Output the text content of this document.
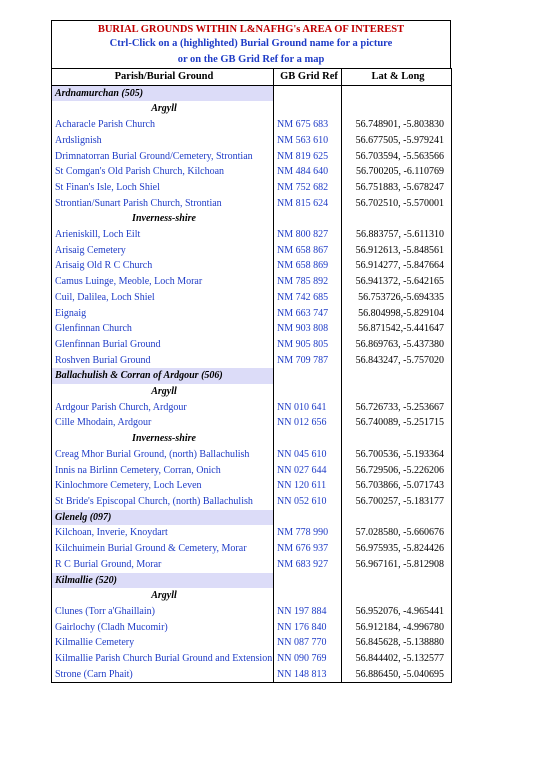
BURIAL GROUNDS WITHIN L&NAFHG's AREA OF INTEREST
Ctrl-Click on a (highlighted) Burial Ground name for a picture
or on the GB Grid Ref for a map
Parish/Burial Ground	GB Grid Ref	Lat & Long
Ardnamurchan (505)		
Argyll		
Acharacle Parish Church	NM 675 683	56.748901, -5.803830
Ardslignish	NM 563 610	56.677505, -5.979241
Drimnatorran Burial Ground/Cemetery, Strontian	NM 819 625	56.703594, -5.563566
St Comgan's Old Parish Church, Kilchoan	NM 484 640	56.700205, -6.110769
St Finan's Isle, Loch Shiel	NM 752 682	56.751883, -5.678247
Strontian/Sunart Parish Church, Strontian	NM 815 624	56.702510, -5.570001
Inverness-shire		
Arieniskill, Loch Eilt	NM 800 827	56.883757, -5.611310
Arisaig Cemetery	NM 658 867	56.912613, -5.848561
Arisaig Old R C Church	NM 658 869	56.914277, -5.847664
Camus Luinge, Meoble, Loch Morar	NM 785 892	56.941372, -5.642165
Cuil, Dalilea, Loch Shiel	NM 742 685	56.753726,-5.694335
Eignaig	NM 663 747	56.804998,-5.829104
Glenfinnan Church	NM 903 808	56.871542,-5.441647
Glenfinnan Burial Ground	NM 905 805	56.869763, -5.437380
Roshven Burial Ground	NM 709 787	56.843247, -5.757020
Ballachulish & Corran of Ardgour (506)		
Argyll		
Ardgour Parish Church, Ardgour	NN 010 641	56.726733, -5.253667
Cille Mhodain, Ardgour	NN 012 656	56.740089, -5.251715
Inverness-shire		
Creag Mhor Burial Ground, (north) Ballachulish	NN 045 610	56.700536, -5.193364
Innis na Birlinn Cemetery, Corran, Onich	NN 027 644	56.729506, -5.226206
Kinlochmore Cemetery, Loch Leven	NN 120 611	56.703866, -5.071743
St Bride's Episcopal Church, (north) Ballachulish	NN 052 610	56.700257, -5.183177
Glenelg (097)		
Kilchoan, Inverie, Knoydart	NM 778 990	57.028580, -5.660676
Kilchuimein Burial Ground & Cemetery, Morar	NM 676 937	56.975935, -5.824426
R C Burial Ground, Morar	NM 683 927	56.967161, -5.812908
Kilmallie (520)		
Argyll		
Clunes (Torr a'Ghaillain)	NN 197 884	56.952076, -4.965441
Gairlochy (Cladh Mucomir)	NN 176 840	56.912184, -4.996780
Kilmallie Cemetery	NN 087 770	56.845628, -5.138880
Kilmallie Parish Church Burial Ground and Extension	NN 090 769	56.844402, -5.132577
Strone (Carn Phait)	NN 148 813	56.886450, -5.040695
